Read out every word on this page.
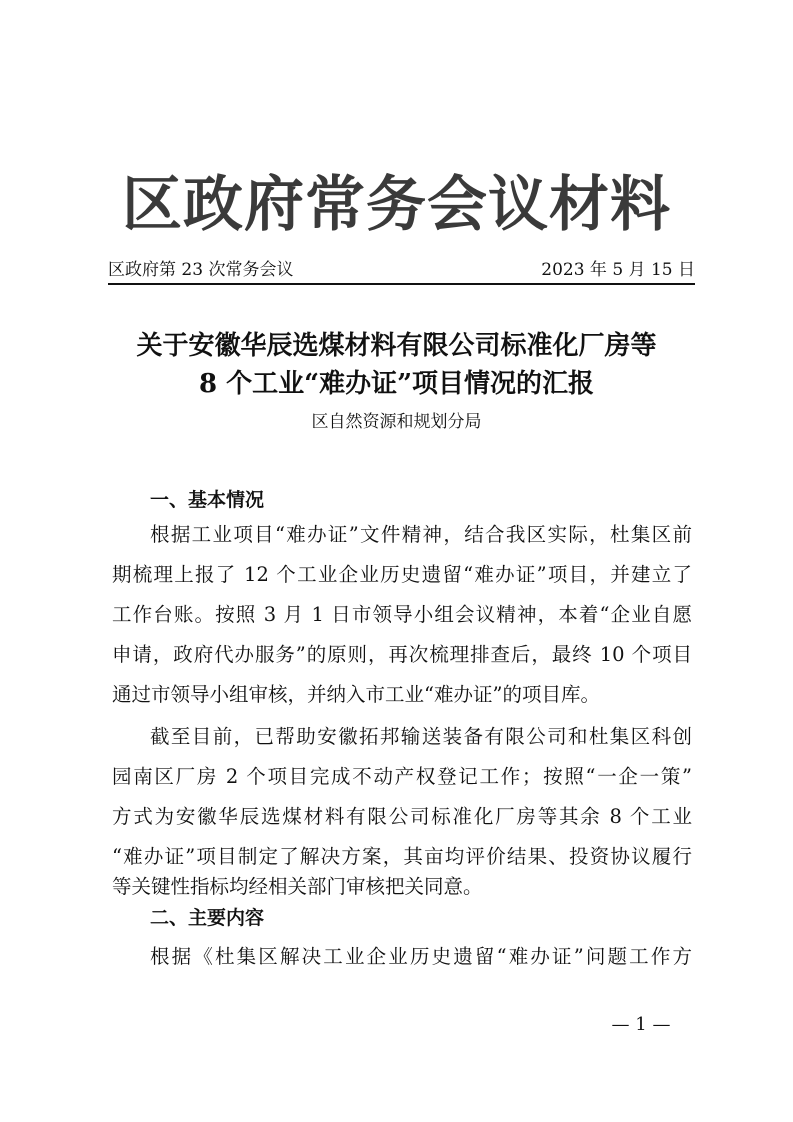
区政府常务会议材料
区政府第 23 次常务会议	2023 年 5 月 15 日
关于安徽华辰选煤材料有限公司标准化厂房等
8 个工业“难办证”项目情况的汇报
区自然资源和规划分局
一、基本情况
根据工业项目“难办证”文件精神，结合我区实际，杜集区前
期梳理上报了 12 个工业企业历史遗留“难办证”项目，并建立了
工作台账。按照 3 月 1 日市领导小组会议精神，本着“企业自愿
申请，政府代办服务”的原则，再次梳理排查后，最终 10 个项目
通过市领导小组审核，并纳入市工业“难办证”的项目库。
截至目前，已帮助安徽拓邦输送装备有限公司和杜集区科创
园南区厂房 2 个项目完成不动产权登记工作；按照“一企一策”
方式为安徽华辰选煤材料有限公司标准化厂房等其余 8 个工业
“难办证”项目制定了解决方案，其亩均评价结果、投资协议履行
等关键性指标均经相关部门审核把关同意。
二、主要内容
根据《杜集区解决工业企业历史遗留“难办证”问题工作方
— 1 —
